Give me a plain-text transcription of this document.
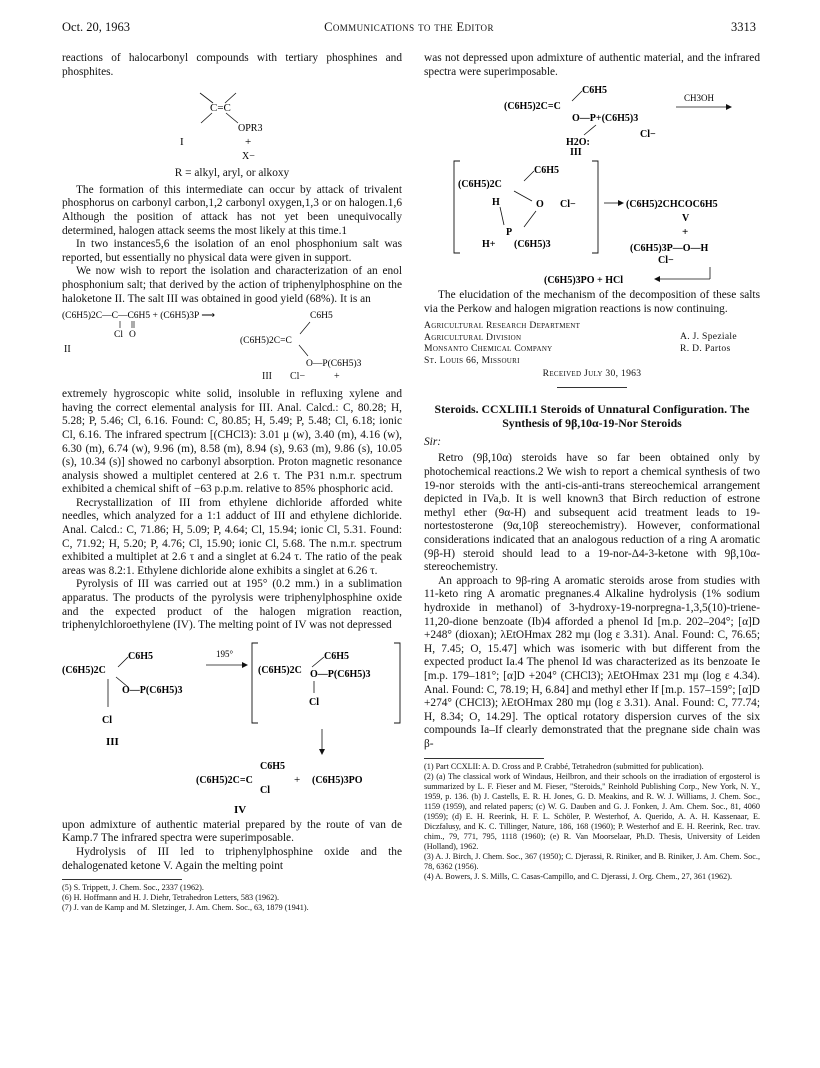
Oct. 20, 1963	Communications to the Editor	3313

reactions of halocarbonyl compounds with tertiary phosphines and phosphites.

C=C
OPR3
+
X−
I

R = alkyl, aryl, or alkoxy

The formation of this intermediate can occur by attack of trivalent phosphorus on carbonyl carbon,1,2 carbonyl oxygen,1,3 or on halogen.1,6 Although the position of attack has not yet been unequivocally determined, halogen attack seems the most likely at this time.1

In two instances5,6 the isolation of an enol phosphonium salt was reported, but essentially no physical data were given in support.

We now wish to report the isolation and characterization of an enol phosphonium salt; that derived by the action of triphenylphosphine on the haloketone II. The salt III was obtained in good yield (68%). It is an

(C6H5)2C—C—C6H5 + (C6H5)3P ⟶
Cl O
II
C6H5
(C6H5)2C=C
O—P(C6H5)3
III Cl−	+

extremely hygroscopic white solid, insoluble in refluxing xylene and having the correct elemental analysis for III. Anal. Calcd.: C, 80.28; H, 5.28; P, 5.46; Cl, 6.16. Found: C, 80.85; H, 5.49; P, 5.48; Cl, 6.18; ionic Cl, 6.16. The infrared spectrum [(CHCl3): 3.01 μ (w), 3.40 (m), 4.16 (w), 6.30 (m), 6.74 (w), 9.96 (m), 8.58 (m), 8.94 (s), 9.63 (m), 9.86 (s), 10.05 (s), 10.34 (s)] showed no carbonyl absorption. Proton magnetic resonance analysis showed a multiplet centered at 2.6 τ. The P31 n.m.r. spectrum exhibited a chemical shift of −63 p.p.m. relative to 85% phosphoric acid.

Recrystallization of III from ethylene dichloride afforded white needles, which analyzed for a 1:1 adduct of III and ethylene dichloride. Anal. Calcd.: C, 71.86; H, 5.09; P, 4.64; Cl, 15.94; ionic Cl, 5.31. Found: C, 71.92; H, 5.20; P, 4.76; Cl, 15.90; ionic Cl, 5.68. The n.m.r. spectrum exhibited a multiplet at 2.6 τ and a singlet at 6.24 τ. The ratio of the peak areas was 8.2:1. Ethylene dichloride alone exhibits a singlet at 6.26 τ.

Pyrolysis of III was carried out at 195° (0.2 mm.) in a sublimation apparatus. The products of the pyrolysis were triphenylphosphine oxide and the expected product of the halogen migration reaction, triphenylchloroethylene (IV). The melting point of IV was not depressed

(C6H5)2C
C6H5
O—P(C6H5)3
Cl
III
195°
(C6H5)2C
C6H5
O—P(C6H5)3
Cl
(C6H5)2C=C
C6H5
Cl
+ (C6H5)3PO
IV

upon admixture of authentic material prepared by the route of van de Kamp.7 The infrared spectra were superimposable.

Hydrolysis of III led to triphenylphosphine oxide and the dehalogenated ketone V. Again the melting point

(5) S. Trippett, J. Chem. Soc., 2337 (1962).

(6) H. Hoffmann and H. J. Diehr, Tetrahedron Letters, 583 (1962).

(7) J. van de Kamp and M. Sletzinger, J. Am. Chem. Soc., 63, 1879 (1941).

was not depressed upon admixture of authentic material, and the infrared spectra were superimposable.

(C6H5)2C=C
C6H5
O—P+(C6H5)3
Cl−
H2O:
III
CH3OH
(C6H5)2C
C6H5
H	O
P
H+ (C6H5)3
Cl−	(C6H5)2CHCOC6H5
V
+
(C6H5)3P—O—H
Cl−
(C6H5)3PO + HCl

The elucidation of the mechanism of the decomposition of these salts via the Perkow and halogen migration reactions is now continuing.

Agricultural Research Department
Agricultural Division
Monsanto Chemical Company
St. Louis 66, Missouri
A. J. Speziale
R. D. Partos

Received July 30, 1963

Steroids. CCXLIII.1 Steroids of Unnatural Configuration. The Synthesis of 9β,10α-19-Nor Steroids

Sir:

Retro (9β,10α) steroids have so far been obtained only by photochemical reactions.2 We wish to report a chemical synthesis of two 19-nor steroids with the anti-cis-anti-trans stereochemical arrangement depicted in IVa,b. It is well known3 that Birch reduction of estrone methyl ether (9α-H) and subsequent acid treatment leads to 19-nortestosterone (9α,10β stereochemistry). However, conformational considerations indicated that an analogous reduction of a ring A aromatic (9β-H) steroid should lead to a 19-nor-Δ4-3-ketone with 9β,10α-stereochemistry.

An approach to 9β-ring A aromatic steroids arose from studies with 11-keto ring A aromatic pregnanes.4 Alkaline hydrolysis (1% sodium hydroxide in methanol) of 3-hydroxy-19-norpregna-1,3,5(10)-triene-11,20-dione benzoate (Ib)4 afforded a phenol Id [m.p. 202–204°; [α]D +248° (dioxan); λEtOHmax 282 mμ (log ε 3.31). Anal. Found: C, 76.65; H, 7.45; O, 15.47] which was isomeric with but different from the expected product Ia.4 The phenol Id was characterized as its benzoate Ie [m.p. 179–181°; [α]D +204° (CHCl3); λEtOHmax 231 mμ (log ε 4.34). Anal. Found: C, 78.19; H, 6.84] and methyl ether If [m.p. 157–159°; [α]D +274° (CHCl3); λEtOHmax 280 mμ (log ε 3.31). Anal. Found: C, 77.74; H, 8.34; O, 14.29]. The optical rotatory dispersion curves of the six compounds Ia–If clearly demonstrated that the pregnane side chain was β-

(1) Part CCXLII: A. D. Cross and P. Crabbé, Tetrahedron (submitted for publication).

(2) (a) The classical work of Windaus, Heilbron, and their schools on the irradiation of ergosterol is summarized by L. F. Fieser and M. Fieser, "Steroids," Reinhold Publishing Corp., New York, N. Y., 1959, p. 136. (b) J. Castells, E. R. H. Jones, G. D. Meakins, and R. W. J. Williams, J. Chem. Soc., 1159 (1959), and related papers; (c) W. G. Dauben and G. J. Fonken, J. Am. Chem. Soc., 81, 4060 (1959); (d) E. H. Reerink, H. F. L. Schöler, P. Westerhof, A. Querido, A. A. H. Kassenaar, E. Diczfalusy, and K. C. Tillinger, Nature, 186, 168 (1960); P. Westerhof and E. H. Reerink, Rec. trav. chim., 79, 771, 795, 1118 (1960); (e) R. Van Moorselaar, Ph.D. Thesis, University of Leiden (Holland), 1962.

(3) A. J. Birch, J. Chem. Soc., 367 (1950); C. Djerassi, R. Riniker, and B. Riniker, J. Am. Chem. Soc., 78, 6362 (1956).

(4) A. Bowers, J. S. Mills, C. Casas-Campillo, and C. Djerassi, J. Org. Chem., 27, 361 (1962).
